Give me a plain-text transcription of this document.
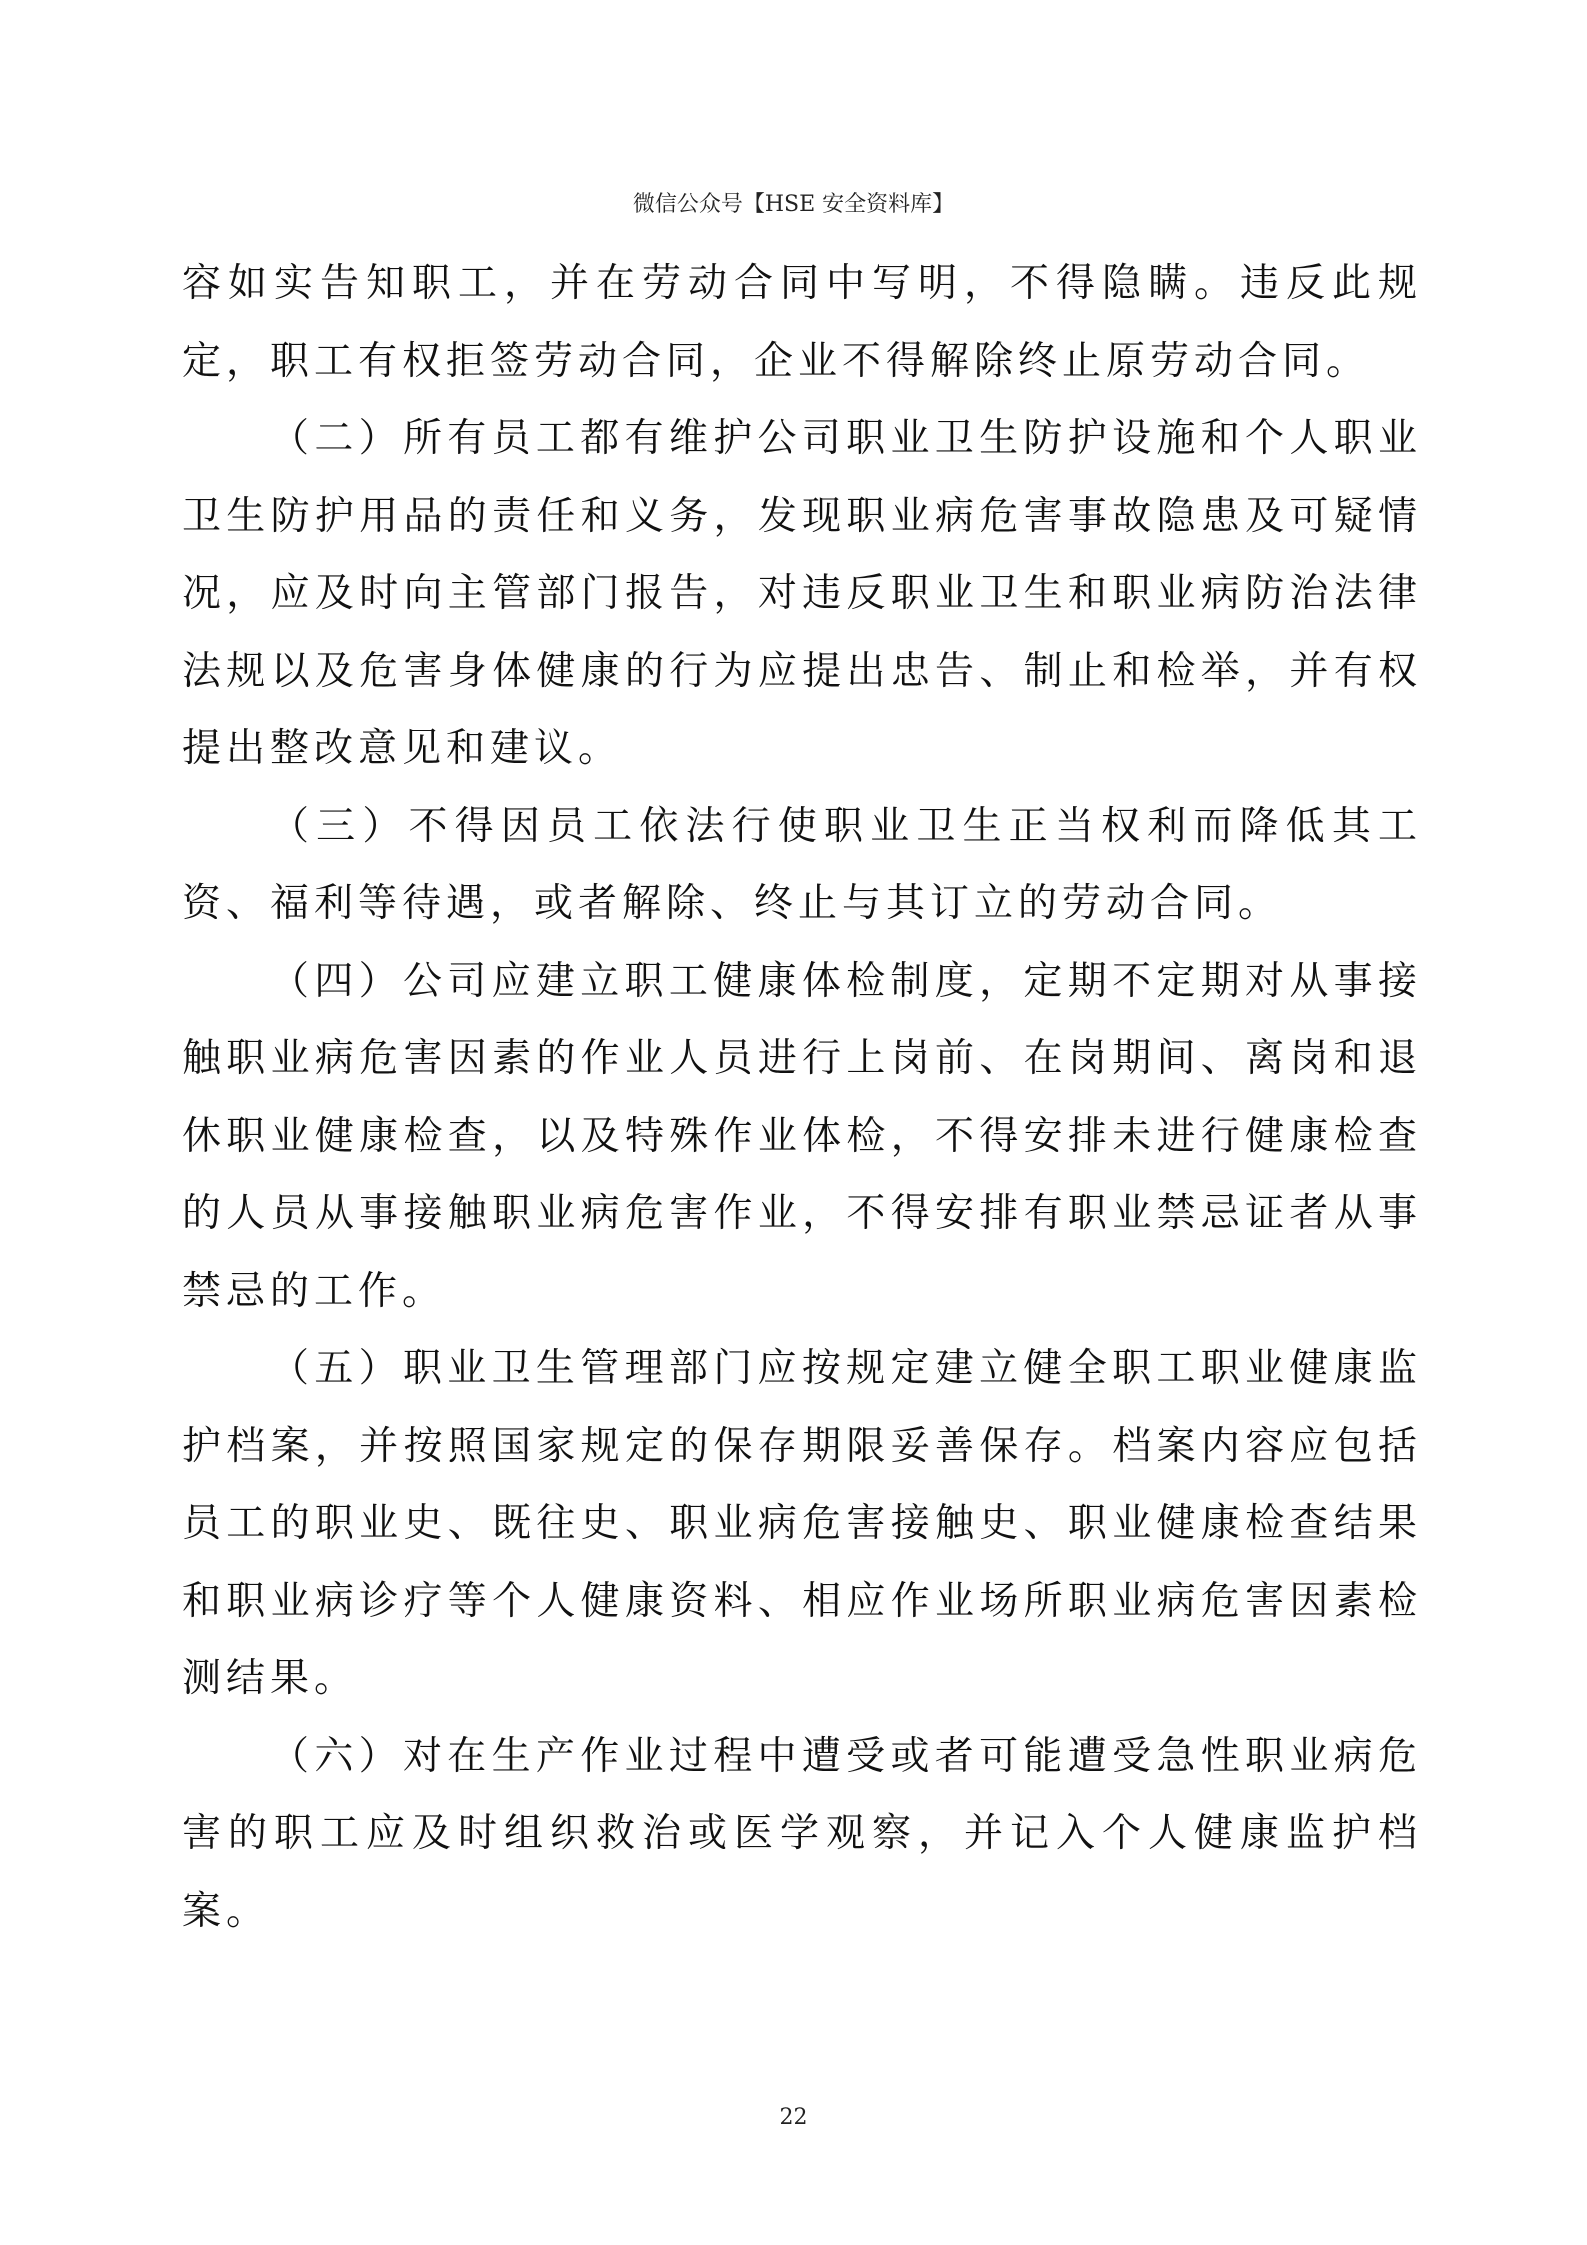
微信公众号【HSE 安全资料库】

容如实告知职工，并在劳动合同中写明，不得隐瞒。违反此规定，职工有权拒签劳动合同，企业不得解除终止原劳动合同。

（二）所有员工都有维护公司职业卫生防护设施和个人职业卫生防护用品的责任和义务，发现职业病危害事故隐患及可疑情况，应及时向主管部门报告，对违反职业卫生和职业病防治法律法规以及危害身体健康的行为应提出忠告、制止和检举，并有权提出整改意见和建议。

（三）不得因员工依法行使职业卫生正当权利而降低其工资、福利等待遇，或者解除、终止与其订立的劳动合同。

（四）公司应建立职工健康体检制度，定期不定期对从事接触职业病危害因素的作业人员进行上岗前、在岗期间、离岗和退休职业健康检查，以及特殊作业体检，不得安排未进行健康检查的人员从事接触职业病危害作业，不得安排有职业禁忌证者从事禁忌的工作。

（五）职业卫生管理部门应按规定建立健全职工职业健康监护档案，并按照国家规定的保存期限妥善保存。档案内容应包括员工的职业史、既往史、职业病危害接触史、职业健康检查结果和职业病诊疗等个人健康资料、相应作业场所职业病危害因素检测结果。

（六）对在生产作业过程中遭受或者可能遭受急性职业病危害的职工应及时组织救治或医学观察，并记入个人健康监护档案。

22
